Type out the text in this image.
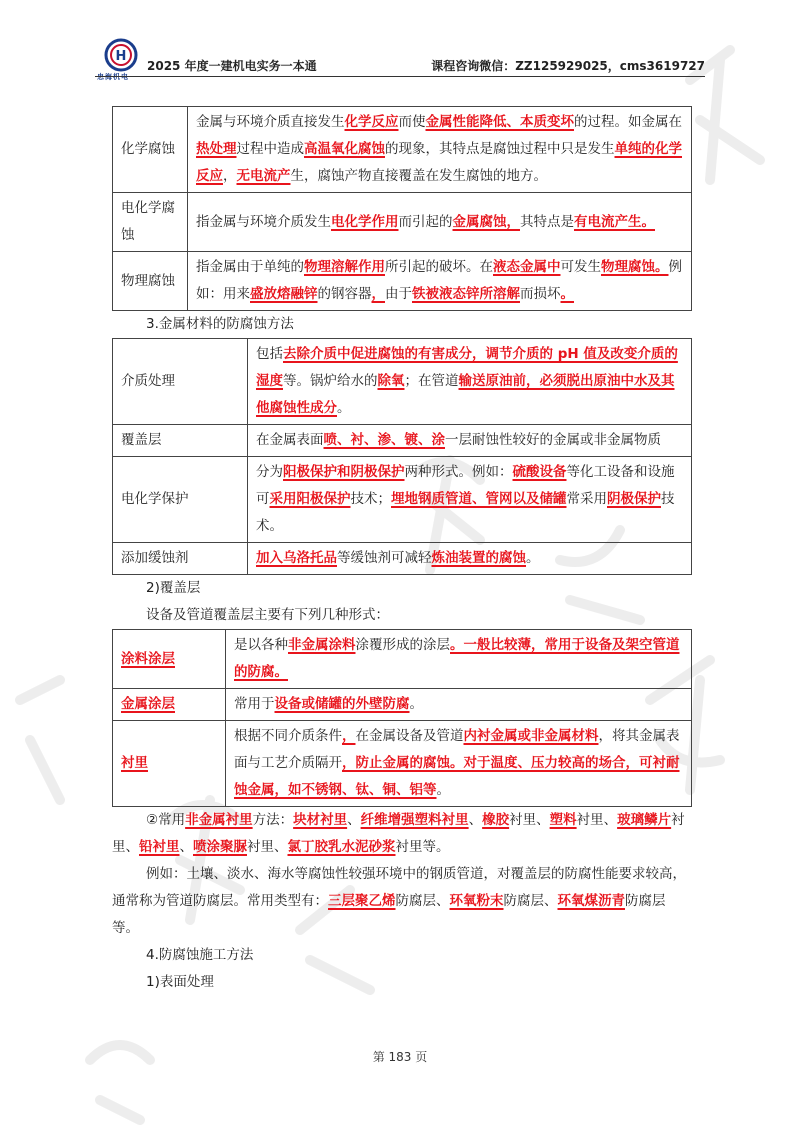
H
忠海机电
2025 年度一建机电实务一本通	课程咨询微信：ZZ125929025，cms3619727
化学腐蚀	金属与环境介质直接发生化学反应而使金属性能降低、本质变坏的过程。如金属在热处理过程中造成高温氧化腐蚀的现象，其特点是腐蚀过程中只是发生单纯的化学反应，无电流产生，腐蚀产物直接覆盖在发生腐蚀的地方。
电化学腐蚀	指金属与环境介质发生电化学作用而引起的金属腐蚀，其特点是有电流产生。
物理腐蚀	指金属由于单纯的物理溶解作用所引起的破坏。在液态金属中可发生物理腐蚀。例如：用来盛放熔融锌的钢容器，由于铁被液态锌所溶解而损坏。

3.金属材料的防腐蚀方法

介质处理	包括去除介质中促进腐蚀的有害成分，调节介质的 pH 值及改变介质的湿度等。锅炉给水的除氧；在管道输送原油前，必须脱出原油中水及其他腐蚀性成分。
覆盖层	在金属表面喷、衬、渗、镀、涂一层耐蚀性较好的金属或非金属物质
电化学保护	分为阳极保护和阴极保护两种形式。例如：硫酸设备等化工设备和设施可采用阳极保护技术；埋地钢质管道、管网以及储罐常采用阴极保护技术。
添加缓蚀剂	加入乌洛托品等缓蚀剂可减轻炼油装置的腐蚀。

2)覆盖层

设备及管道覆盖层主要有下列几种形式：

涂料涂层	是以各种非金属涂料涂覆形成的涂层。一般比较薄，常用于设备及架空管道的防腐。
金属涂层	常用于设备或储罐的外壁防腐。
衬里	根据不同介质条件，在金属设备及管道内衬金属或非金属材料，将其金属表面与工艺介质隔开，防止金属的腐蚀。对于温度、压力较高的场合，可衬耐蚀金属，如不锈钢、钛、铜、铝等。

②常用非金属衬里方法：块材衬里、纤维增强塑料衬里、橡胶衬里、塑料衬里、玻璃鳞片衬里、铅衬里、喷涂聚脲衬里、氯丁胶乳水泥砂浆衬里等。

例如：土壤、淡水、海水等腐蚀性较强环境中的钢质管道，对覆盖层的防腐性能要求较高，通常称为管道防腐层。常用类型有：三层聚乙烯防腐层、环氧粉末防腐层、环氧煤沥青防腐层等。

4.防腐蚀施工方法

1)表面处理

第 183 页
